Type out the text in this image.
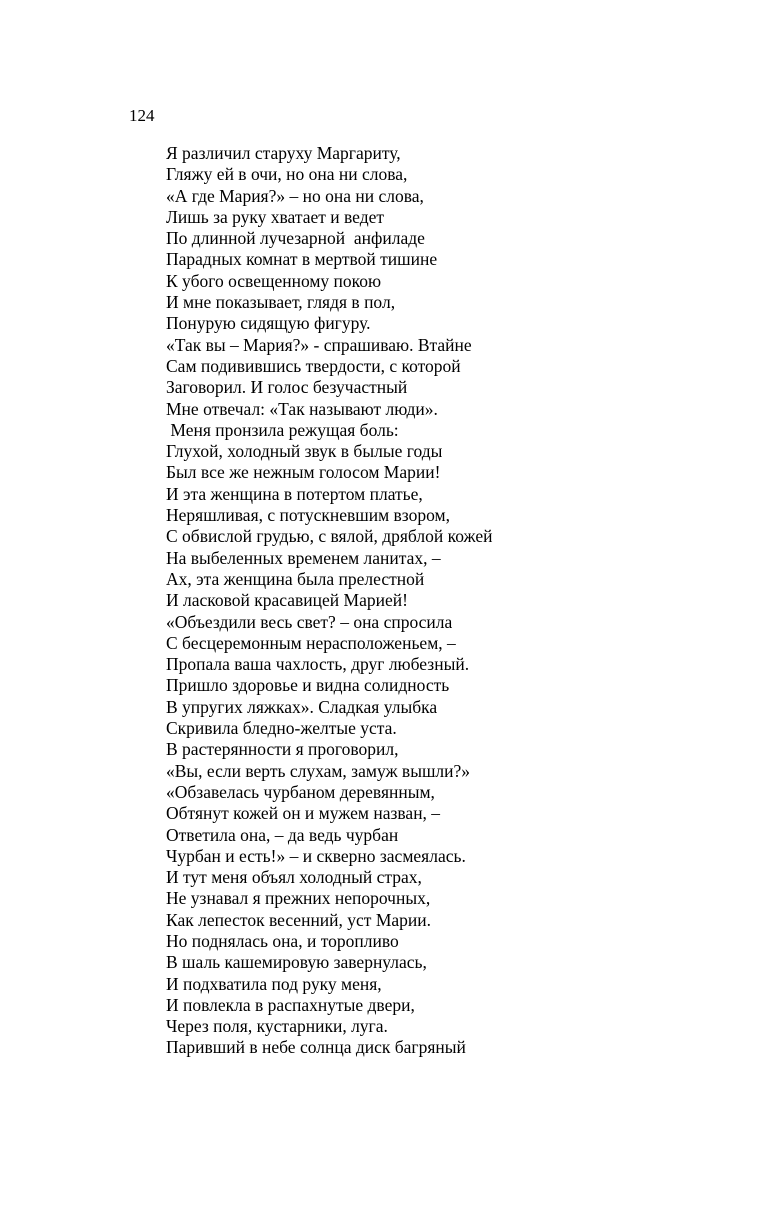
124
Я различил старуху Маргариту,
Гляжу ей в очи, но она ни слова,
«А где Мария?» – но она ни слова,
Лишь за руку хватает и ведет
По длинной лучезарной  анфиладе
Парадных комнат в мертвой тишине
К убого освещенному покою
И мне показывает, глядя в пол,
Понурую сидящую фигуру.
«Так вы – Мария?» - спрашиваю. Втайне
Сам подивившись твердости, с которой
Заговорил. И голос безучастный
Мне отвечал: «Так называют люди».
Меня пронзила режущая боль:
Глухой, холодный звук в былые годы
Был все же нежным голосом Марии!
И эта женщина в потертом платье,
Неряшливая, с потускневшим взором,
С обвислой грудью, с вялой, дряблой кожей
На выбеленных временем ланитах, –
Ах, эта женщина была прелестной
И ласковой красавицей Марией!
«Объездили весь свет? – она спросила
С бесцеремонным нерасположеньем, –
Пропала ваша чахлость, друг любезный.
Пришло здоровье и видна солидность
В упругих ляжках». Сладкая улыбка
Скривила бледно-желтые уста.
В растерянности я проговорил,
«Вы, если верть слухам, замуж вышли?»
«Обзавелась чурбаном деревянным,
Обтянут кожей он и мужем назван, –
Ответила она, – да ведь чурбан
Чурбан и есть!» – и скверно засмеялась.
И тут меня объял холодный страх,
Не узнавал я прежних непорочных,
Как лепесток весенний, уст Марии.
Но поднялась она, и торопливо
В шаль кашемировую завернулась,
И подхватила под руку меня,
И повлекла в распахнутые двери,
Через поля, кустарники, луга.
Паривший в небе солнца диск багряный
